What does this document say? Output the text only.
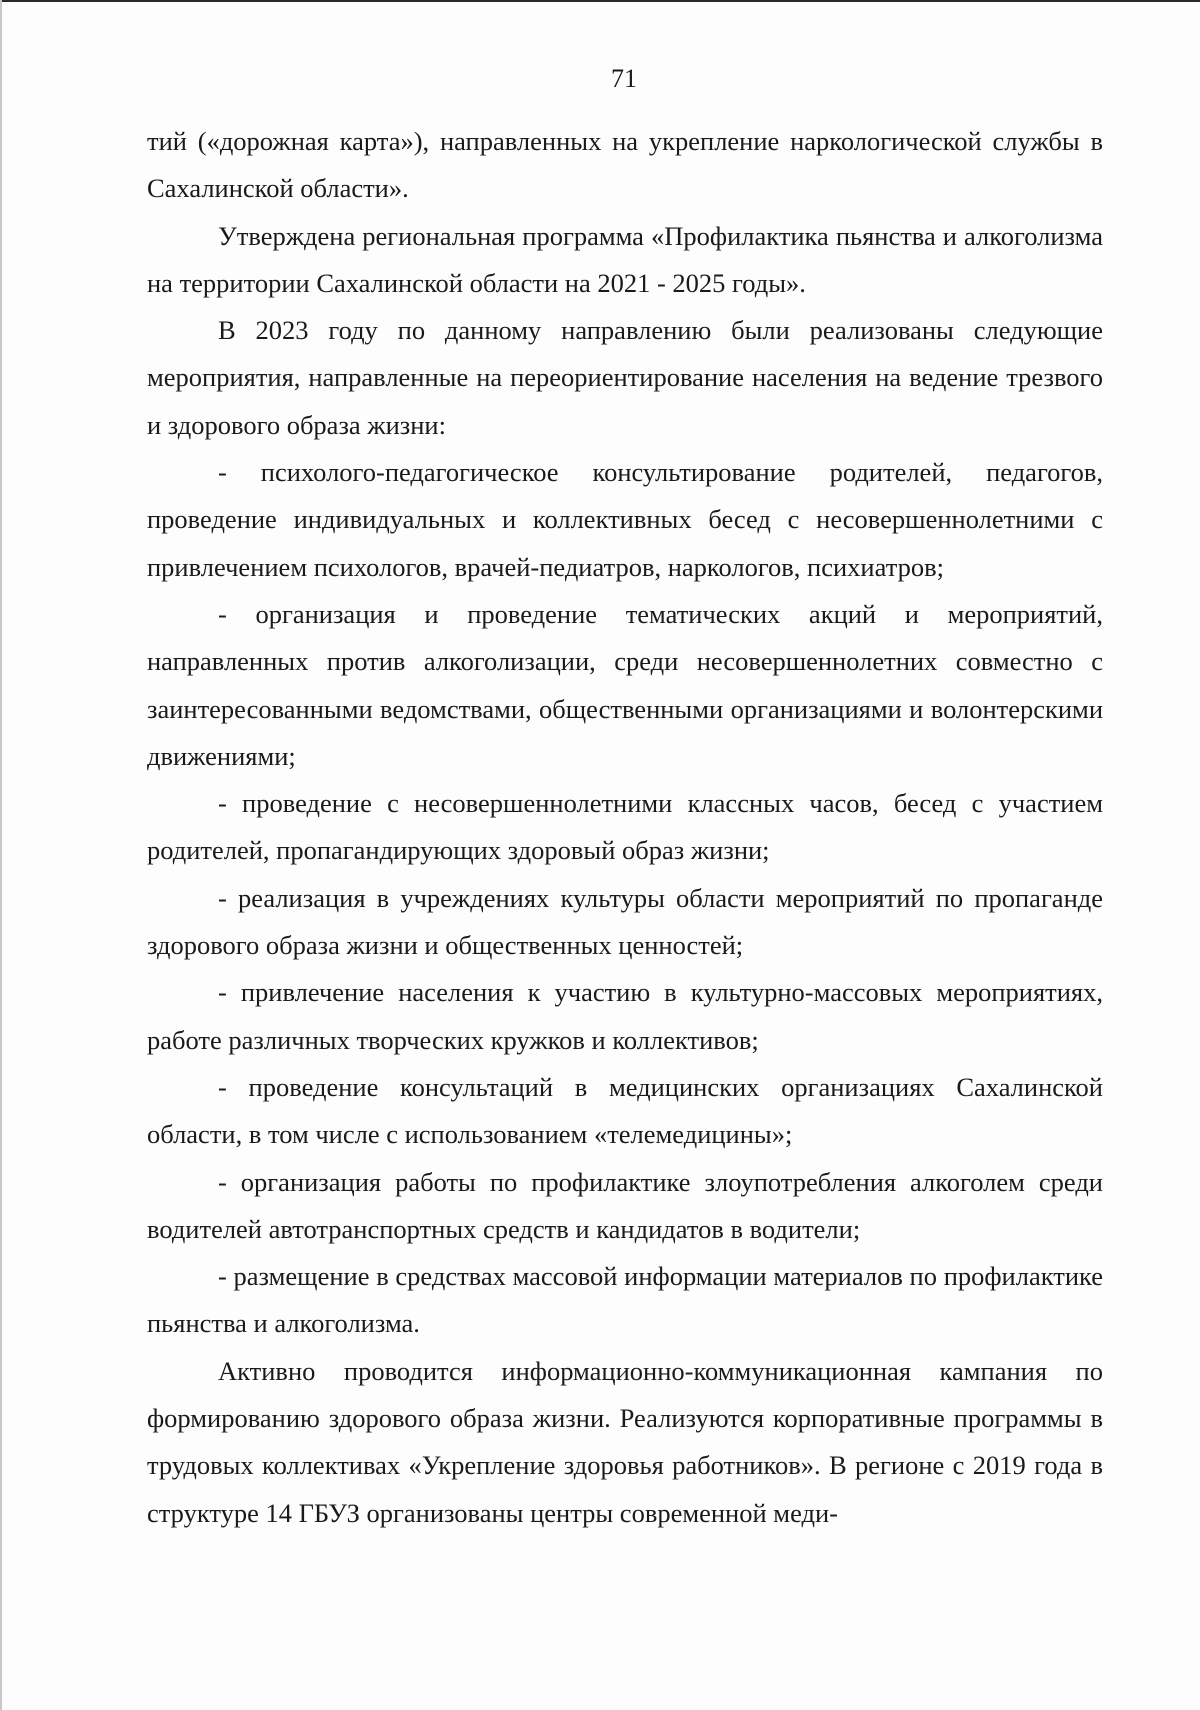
71

тий («дорожная карта»), направленных на укрепление наркологической службы в Сахалинской области».

Утверждена региональная программа «Профилактика пьянства и алкоголизма на территории Сахалинской области на 2021 - 2025 годы».

В 2023 году по данному направлению были реализованы следующие мероприятия, направленные на переориентирование населения на ведение трезвого и здорового образа жизни:

- психолого-педагогическое консультирование родителей, педагогов, проведение индивидуальных и коллективных бесед с несовершеннолетними с привлечением психологов, врачей-педиатров, наркологов, психиатров;

- организация и проведение тематических акций и мероприятий, направленных против алкоголизации, среди несовершеннолетних совместно с заинтересованными ведомствами, общественными организациями и волонтерскими движениями;

- проведение с несовершеннолетними классных часов, бесед с участием родителей, пропагандирующих здоровый образ жизни;

- реализация в учреждениях культуры области мероприятий по пропаганде здорового образа жизни и общественных ценностей;

- привлечение населения к участию в культурно-массовых мероприятиях, работе различных творческих кружков и коллективов;

- проведение консультаций в медицинских организациях Сахалинской области, в том числе с использованием «телемедицины»;

- организация работы по профилактике злоупотребления алкоголем среди водителей автотранспортных средств и кандидатов в водители;

- размещение в средствах массовой информации материалов по профилактике пьянства и алкоголизма.

Активно проводится информационно-коммуникационная кампания по формированию здорового образа жизни. Реализуются корпоративные программы в трудовых коллективах «Укрепление здоровья работников». В регионе с 2019 года в структуре 14 ГБУЗ организованы центры современной меди-
